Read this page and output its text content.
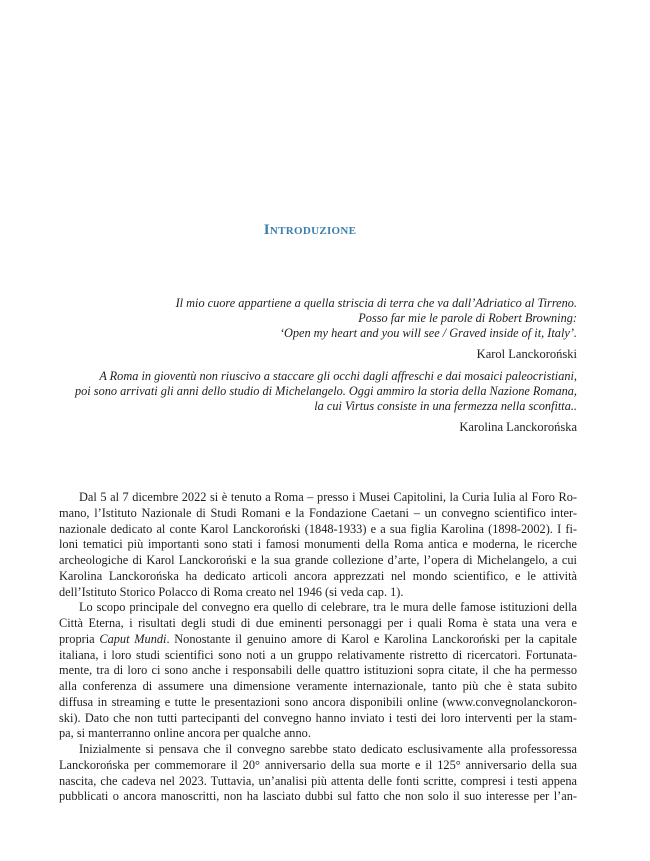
Introduzione
Il mio cuore appartiene a quella striscia di terra che va dall’Adriatico al Tirreno.
Posso far mie le parole di Robert Browning:
‘Open my heart and you will see / Graved inside of it, Italy’.
Karol Lanckoroński
A Roma in gioventù non riuscivo a staccare gli occhi dagli affreschi e dai mosaici paleocristiani,
poi sono arrivati gli anni dello studio di Michelangelo. Oggi ammiro la storia della Nazione Romana,
la cui Virtus consiste in una fermezza nella sconfitta..
Karolina Lanckorońska
Dal 5 al 7 dicembre 2022 si è tenuto a Roma – presso i Musei Capitolini, la Curia Iulia al Foro Ro-
mano, l’Istituto Nazionale di Studi Romani e la Fondazione Caetani – un convegno scientifico inter-
nazionale dedicato al conte Karol Lanckoroński (1848-1933) e a sua figlia Karolina (1898-2002). I fi-
loni tematici più importanti sono stati i famosi monumenti della Roma antica e moderna, le ricerche
archeologiche di Karol Lanckoroński e la sua grande collezione d’arte, l’opera di Michelangelo, a cui
Karolina Lanckorońska ha dedicato articoli ancora apprezzati nel mondo scientifico, e le attività
dell’Istituto Storico Polacco di Roma creato nel 1946 (si veda cap. 1).
Lo scopo principale del convegno era quello di celebrare, tra le mura delle famose istituzioni della
Città Eterna, i risultati degli studi di due eminenti personaggi per i quali Roma è stata una vera e
propria Caput Mundi. Nonostante il genuino amore di Karol e Karolina Lanckoroński per la capitale
italiana, i loro studi scientifici sono noti a un gruppo relativamente ristretto di ricercatori. Fortunata-
mente, tra di loro ci sono anche i responsabili delle quattro istituzioni sopra citate, il che ha permesso
alla conferenza di assumere una dimensione veramente internazionale, tanto più che è stata subito
diffusa in streaming e tutte le presentazioni sono ancora disponibili online (www.convegnolanckoron-
ski). Dato che non tutti partecipanti del convegno hanno inviato i testi dei loro interventi per la stam-
pa, si manterranno online ancora per qualche anno.
Inizialmente si pensava che il convegno sarebbe stato dedicato esclusivamente alla professoressa
Lanckorońska per commemorare il 20° anniversario della sua morte e il 125° anniversario della sua
nascita, che cadeva nel 2023. Tuttavia, un’analisi più attenta delle fonti scritte, compresi i testi appena
pubblicati o ancora manoscritti, non ha lasciato dubbi sul fatto che non solo il suo interesse per l’an-
